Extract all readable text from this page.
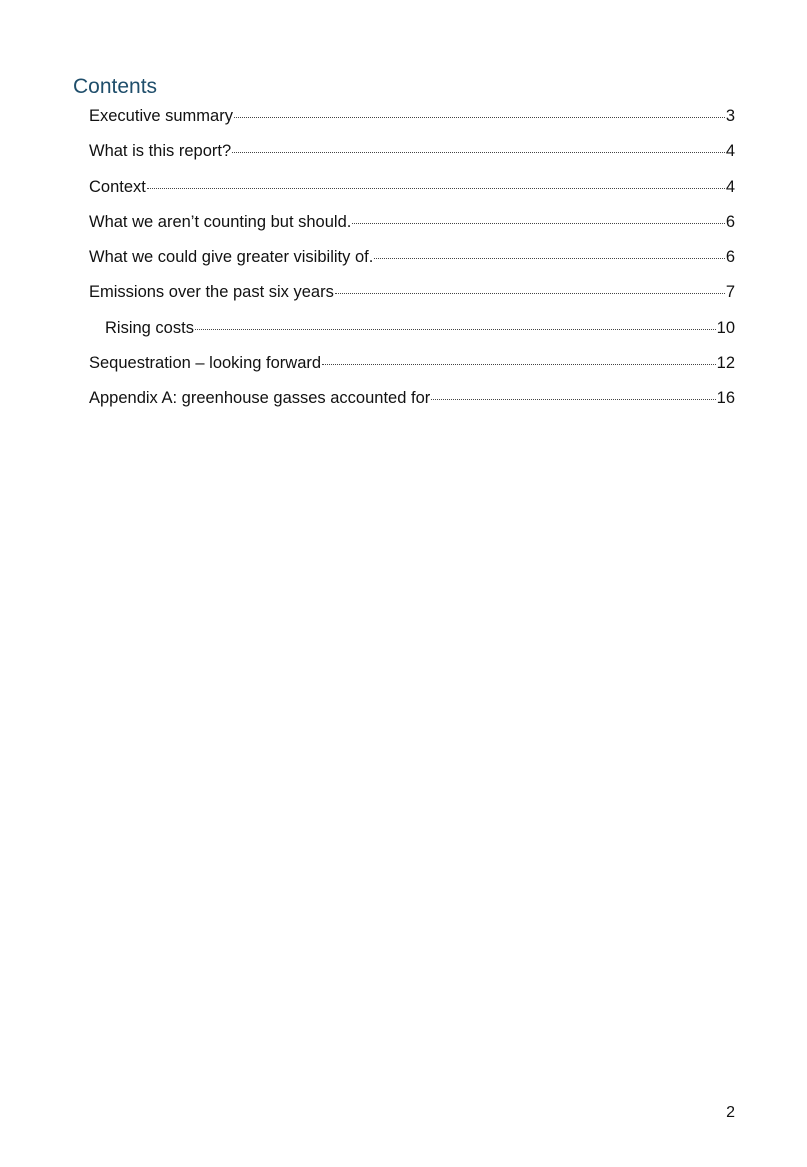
Contents
Executive summary	3
What is this report?	4
Context	4
What we aren’t counting but should.	6
What we could give greater visibility of.	6
Emissions over the past six years	7
Rising costs	10
Sequestration – looking forward	12
Appendix A: greenhouse gasses accounted for	16
2
